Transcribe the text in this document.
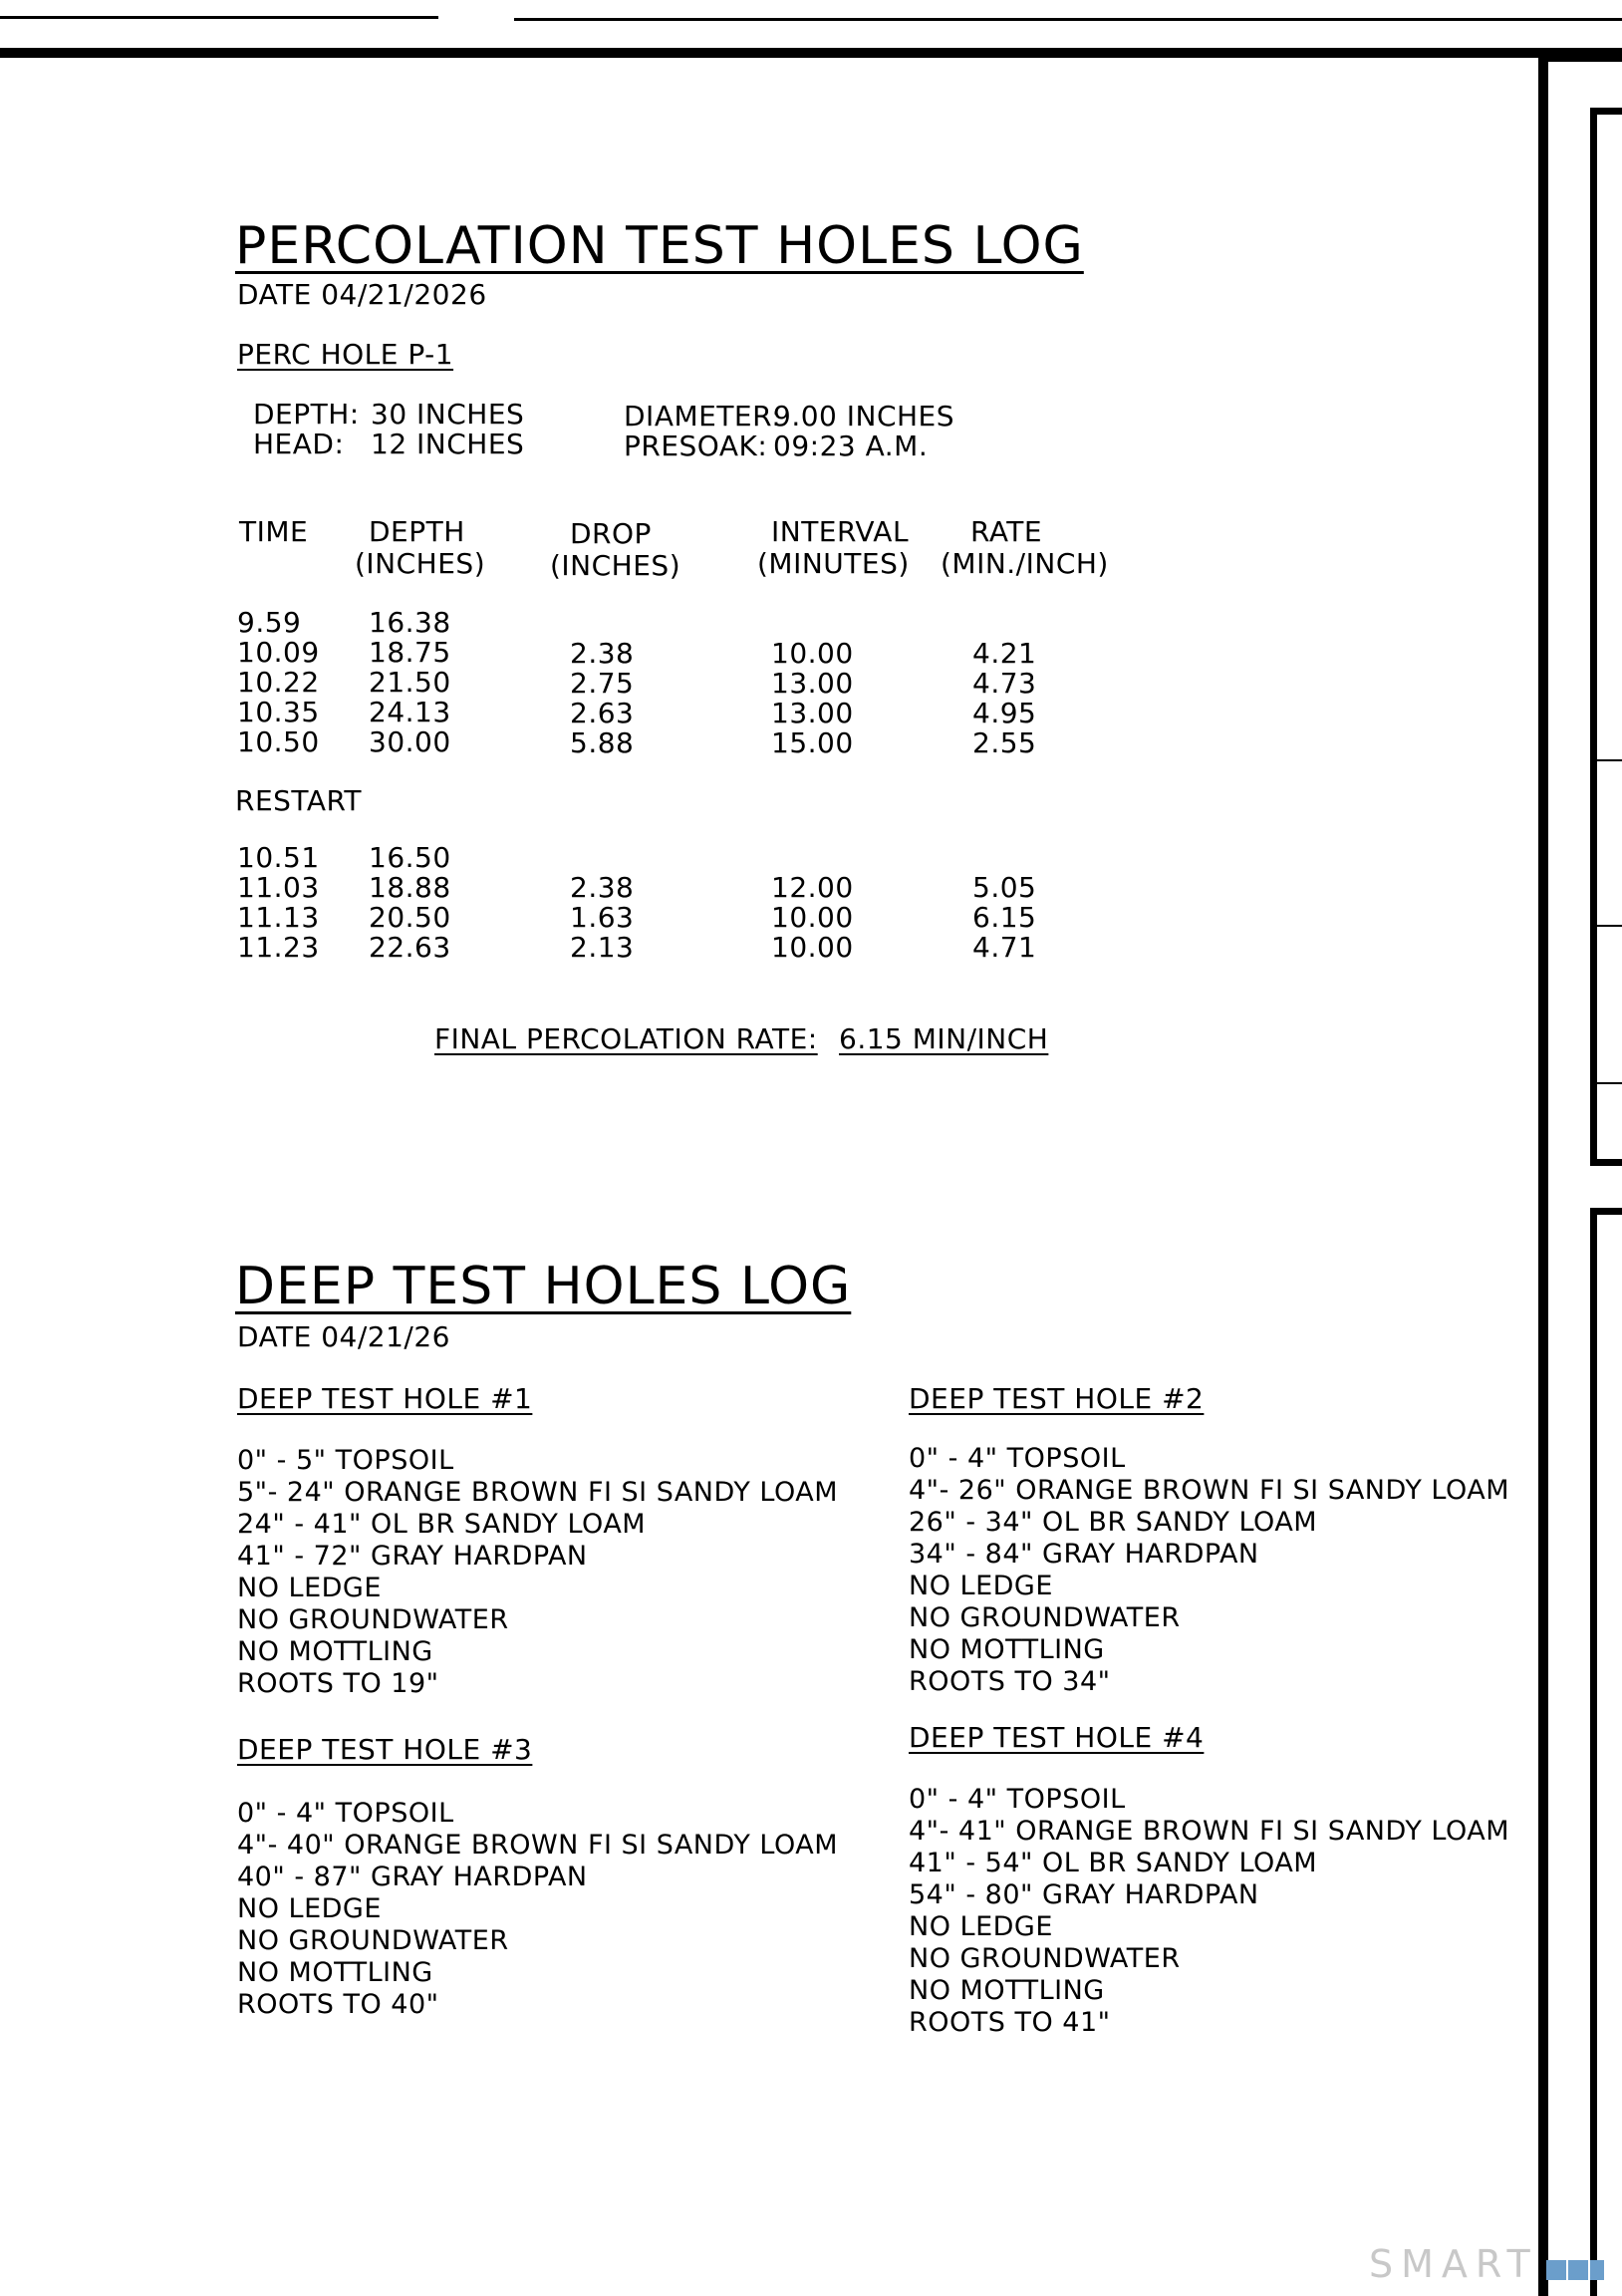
PERCOLATION TEST HOLES LOG
DATE 04/21/2026
PERC HOLE P-1
DEPTH: 30 INCHES
HEAD: 12 INCHES
DIAMETER:
9.00 INCHES
PRESOAK: 09:23 A.M.
TIME DEPTH
(INCHES)
DROP
(INCHES)
INTERVAL
(MINUTES)
RATE
(MIN./INCH)
9.59
10.09
10.22
10.35
10.50
16.38
18.75
21.50
24.13
30.00
2.38
2.75
2.63
5.88
10.00
13.00
13.00
15.00
4.21
4.73
4.95
2.55
RESTART
10.51
11.03
11.13
11.23
16.50
18.88
20.50
22.63
2.38
1.63
2.13
12.00
10.00
10.00
5.05
6.15
4.71
FINAL PERCOLATION RATE: 6.15 MIN/INCH
DEEP TEST HOLES LOG
DATE 04/21/26
DEEP TEST HOLE #1
0" - 5" TOPSOIL
5"- 24" ORANGE BROWN FI SI SANDY LOAM
24" - 41" OL BR SANDY LOAM
41" - 72" GRAY HARDPAN
NO LEDGE
NO GROUNDWATER
NO MOTTLING
ROOTS TO 19"
DEEP TEST HOLE #2
0" - 4" TOPSOIL
4"- 26" ORANGE BROWN FI SI SANDY LOAM
26" - 34" OL BR SANDY LOAM
34" - 84" GRAY HARDPAN
NO LEDGE
NO GROUNDWATER
NO MOTTLING
ROOTS TO 34"
DEEP TEST HOLE #3
0" - 4" TOPSOIL
4"- 40" ORANGE BROWN FI SI SANDY LOAM
40" - 87" GRAY HARDPAN
NO LEDGE
NO GROUNDWATER
NO MOTTLING
ROOTS TO 40"
DEEP TEST HOLE #4
0" - 4" TOPSOIL
4"- 41" ORANGE BROWN FI SI SANDY LOAM
41" - 54" OL BR SANDY LOAM
54" - 80" GRAY HARDPAN
NO LEDGE
NO GROUNDWATER
NO MOTTLING
ROOTS TO 41"
SMART
